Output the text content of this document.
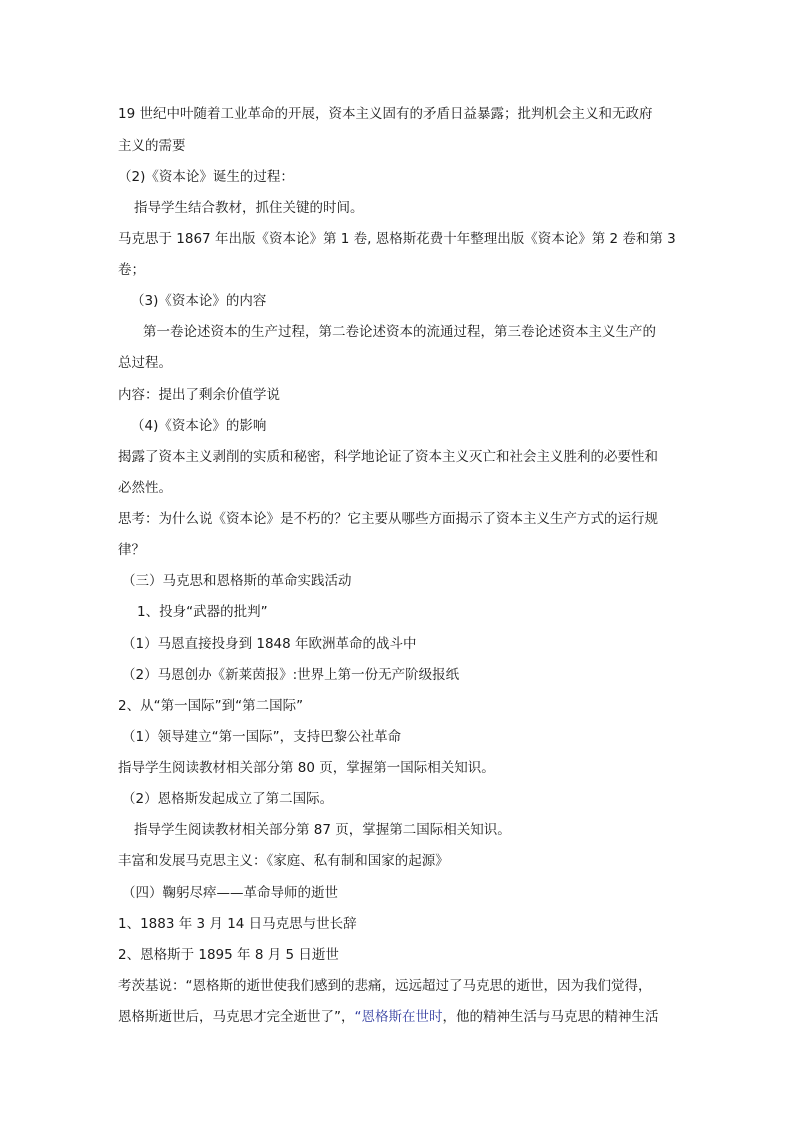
19 世纪中叶随着工业革命的开展，资本主义固有的矛盾日益暴露；批判机会主义和无政府
主义的需要
（2)《资本论》诞生的过程：
指导学生结合教材，抓住关键的时间。
马克思于 1867 年出版《资本论》第 1 卷, 恩格斯花费十年整理出版《资本论》第 2 卷和第 3
卷；
（3)《资本论》的内容
第一卷论述资本的生产过程，第二卷论述资本的流通过程，第三卷论述资本主义生产的
总过程。
内容：提出了剩余价值学说
（4)《资本论》的影响
揭露了资本主义剥削的实质和秘密，科学地论证了资本主义灭亡和社会主义胜利的必要性和
必然性。
思考：为什么说《资本论》是不朽的？它主要从哪些方面揭示了资本主义生产方式的运行规
律？
（三）马克思和恩格斯的革命实践活动
1、投身“武器的批判”
（1）马恩直接投身到 1848 年欧洲革命的战斗中
（2）马恩创办《新莱茵报》:世界上第一份无产阶级报纸
2、从“第一国际”到“第二国际”
（1）领导建立“第一国际”，支持巴黎公社革命
指导学生阅读教材相关部分第 80 页，掌握第一国际相关知识。
（2）恩格斯发起成立了第二国际。
指导学生阅读教材相关部分第 87 页，掌握第二国际相关知识。
丰富和发展马克思主义：《家庭、私有制和国家的起源》
（四）鞠躬尽瘁——革命导师的逝世
1、1883 年 3 月 14 日马克思与世长辞
2、恩格斯于 1895 年 8 月 5 日逝世
考茨基说：“恩格斯的逝世使我们感到的悲痛，远远超过了马克思的逝世，因为我们觉得，
恩格斯逝世后，马克思才完全逝世了”，“恩格斯在世时，他的精神生活与马克思的精神生活
